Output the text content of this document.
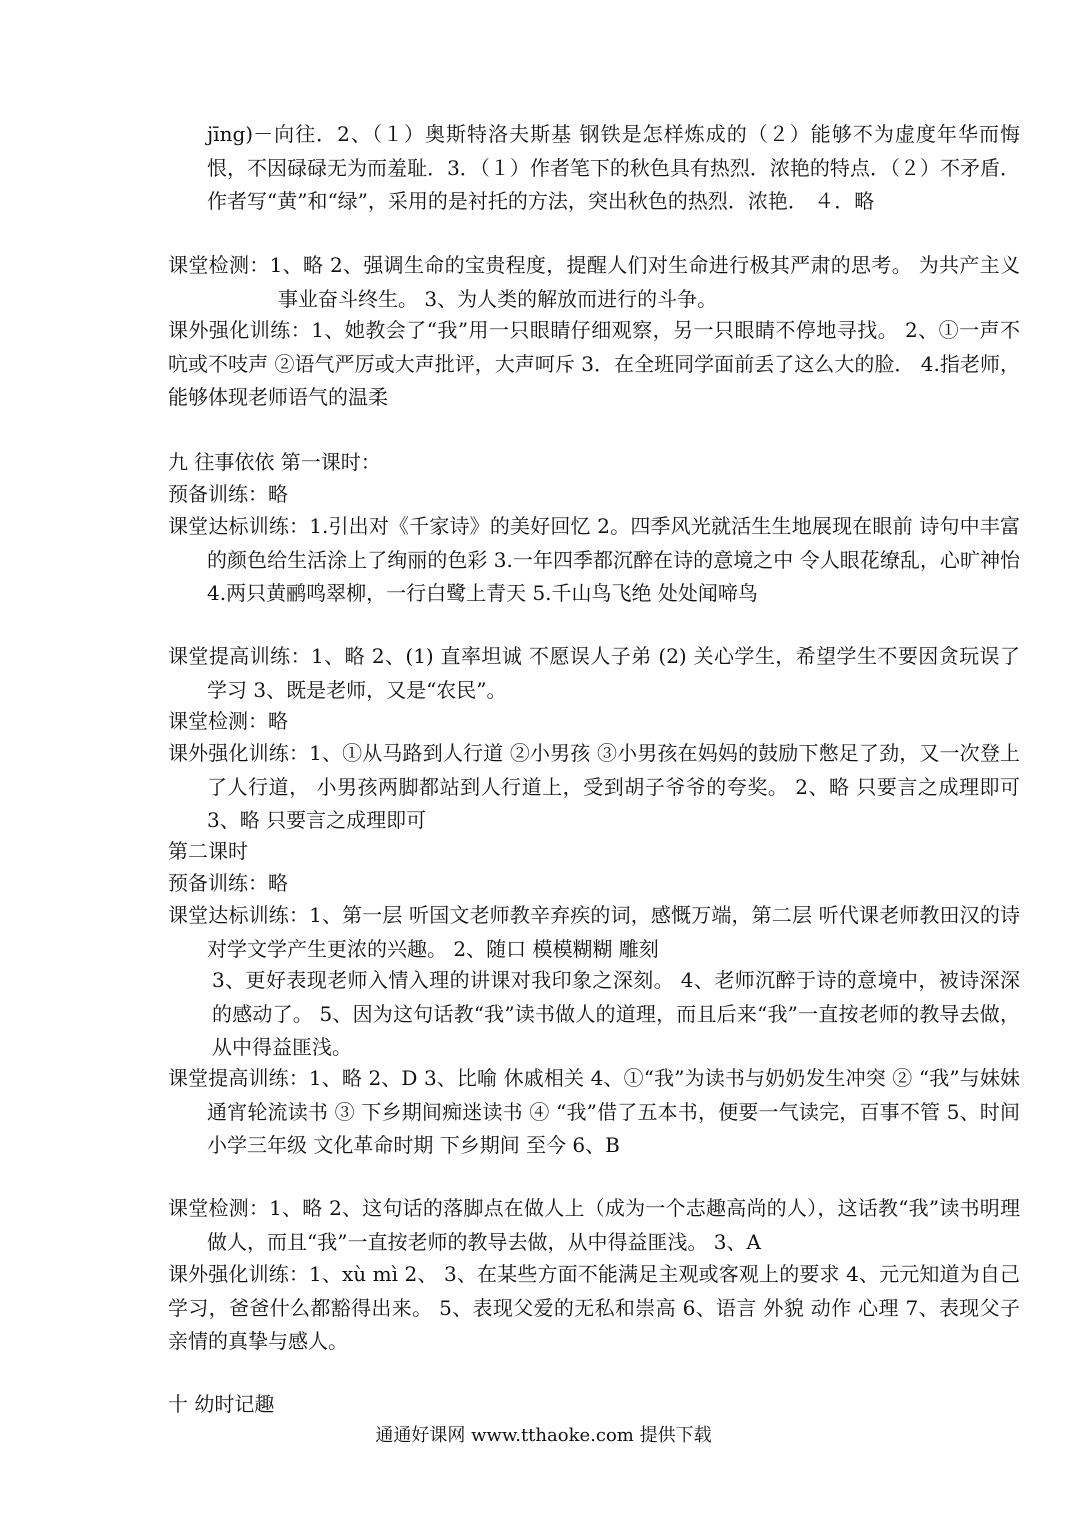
jīng)－向往．2、（１）奥斯特洛夫斯基 钢铁是怎样炼成的（２）能够不为虚度年华而悔恨，不因碌碌无为而羞耻．3．（１）作者笔下的秋色具有热烈．浓艳的特点．（２）不矛盾．作者写“黄”和“绿”，采用的是衬托的方法，突出秋色的热烈．浓艳． ４．略
课堂检测：1、略 2、强调生命的宝贵程度，提醒人们对生命进行极其严肃的思考。 为共产主义事业奋斗终生。 3、为人类的解放而进行的斗争。
课外强化训练：1、她教会了“我”用一只眼睛仔细观察，另一只眼睛不停地寻找。 2、①一声不吭或不吱声 ②语气严厉或大声批评，大声呵斥 3．在全班同学面前丢了这么大的脸． 4.指老师，能够体现老师语气的温柔
九 往事依依 第一课时：
预备训练：略
课堂达标训练：1.引出对《千家诗》的美好回忆 2。四季风光就活生生地展现在眼前 诗句中丰富的颜色给生活涂上了绚丽的色彩 3.一年四季都沉醉在诗的意境之中 令人眼花缭乱，心旷神怡 4.两只黄鹂鸣翠柳，一行白鹭上青天 5.千山鸟飞绝 处处闻啼鸟
课堂提高训练：1、略 2、(1) 直率坦诚 不愿误人子弟 (2) 关心学生，希望学生不要因贪玩误了学习 3、既是老师，又是“农民”。
课堂检测：略
课外强化训练：1、①从马路到人行道 ②小男孩 ③小男孩在妈妈的鼓励下憋足了劲，又一次登上了人行道， 小男孩两脚都站到人行道上，受到胡子爷爷的夸奖。 2、略 只要言之成理即可 3、略 只要言之成理即可
第二课时
预备训练：略
课堂达标训练：1、第一层 听国文老师教辛弃疾的词，感慨万端，第二层 听代课老师教田汉的诗对学文学产生更浓的兴趣。 2、随口 模模糊糊 雕刻
3、更好表现老师入情入理的讲课对我印象之深刻。 4、老师沉醉于诗的意境中，被诗深深的感动了。 5、因为这句话教“我”读书做人的道理，而且后来“我”一直按老师的教导去做，从中得益匪浅。
课堂提高训练：1、略 2、D 3、比喻 休戚相关 4、①“我”为读书与奶奶发生冲突 ② “我”与妹妹通宵轮流读书 ③ 下乡期间痴迷读书 ④ “我”借了五本书，便要一气读完，百事不管 5、时间 小学三年级 文化革命时期 下乡期间 至今 6、B
课堂检测：1、略 2、这句话的落脚点在做人上（成为一个志趣高尚的人），这话教“我”读书明理做人，而且“我”一直按老师的教导去做，从中得益匪浅。 3、A
课外强化训练：1、xù mì 2、 3、在某些方面不能满足主观或客观上的要求 4、元元知道为自己学习，爸爸什么都豁得出来。 5、表现父爱的无私和崇高 6、语言 外貌 动作 心理 7、表现父子亲情的真挚与感人。
十 幼时记趣
通通好课网 www.tthaoke.com 提供下载
